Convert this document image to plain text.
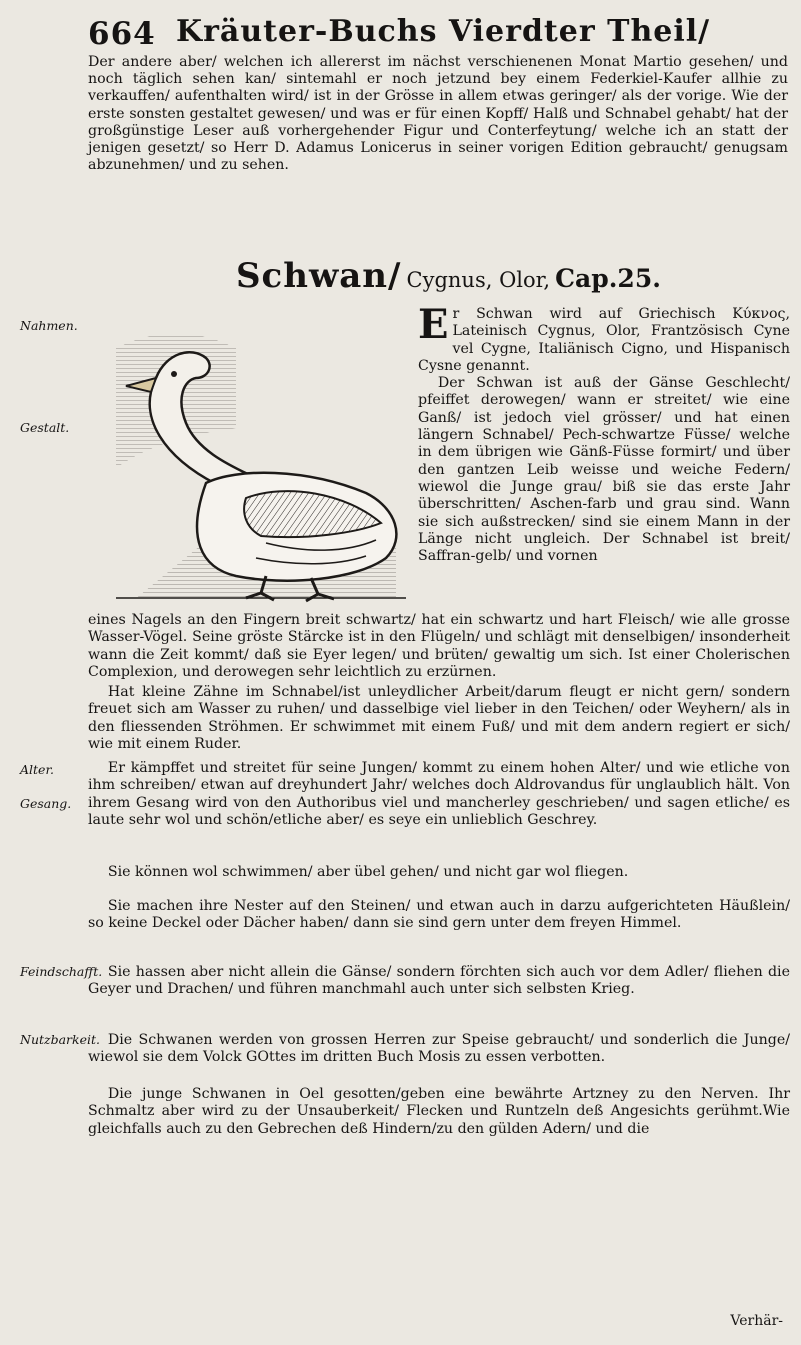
664 Kräuter-Buchs Vierdter Theil/

Der andere aber/ welchen ich allererst im nächst verschienenen Monat Martio gesehen/ und noch täglich sehen kan/ sintemahl er noch jetzund bey einem Federkiel-Kaufer allhie zu verkauffen/ aufenthalten wird/ ist in der Grösse in allem etwas geringer/ als der vorige. Wie der erste sonsten gestaltet gewesen/ und was er für einen Kopff/ Halß und Schnabel gehabt/ hat der großgünstige Leser auß vorhergehender Figur und Conterfeytung/ welche ich an statt der jenigen gesetzt/ so Herr D. Adamus Lonicerus in seiner vorigen Edition gebraucht/ genugsam abzunehmen/ und zu sehen.

Schwan/ Cygnus, Olor, Cap.25.
Nahmen.
Gestalt.
E r Schwan wird auf Griechisch Κύκνος, Lateinisch Cygnus, Olor, Frantzösisch Cyne vel Cygne, Italiänisch Cigno, und Hispanisch Cysne genannt.

Der Schwan ist auß der Gänse Geschlecht/ pfeiffet derowegen/ wann er streitet/ wie eine Ganß/ ist jedoch viel grösser/ und hat einen längern Schnabel/ Pech-schwartze Füsse/ welche in dem übrigen wie Gänß-Füsse formirt/ und über den gantzen Leib weisse und weiche Federn/ wiewol die Junge grau/ biß sie das erste Jahr überschritten/ Aschen-farb und grau sind. Wann sie sich außstrecken/ sind sie einem Mann in der Länge nicht ungleich. Der Schnabel ist breit/ Saffran-gelb/ und vornen

eines Nagels an den Fingern breit schwartz/ hat ein schwartz und hart Fleisch/ wie alle grosse Wasser-Vögel. Seine gröste Stärcke ist in den Flügeln/ und schlägt mit denselbigen/ insonderheit wann die Zeit kommt/ daß sie Eyer legen/ und brüten/ gewaltig um sich. Ist einer Cholerischen Complexion, und derowegen sehr leichtlich zu erzürnen.

Hat kleine Zähne im Schnabel/ist unleydlicher Arbeit/darum fleugt er nicht gern/ sondern freuet sich am Wasser zu ruhen/ und dasselbige viel lieber in den Teichen/ oder Weyhern/ als in den fliessenden Ströhmen. Er schwimmet mit einem Fuß/ und mit dem andern regiert er sich/ wie mit einem Ruder.

Alter.
Gesang.

Er kämpffet und streitet für seine Jungen/ kommt zu einem hohen Alter/ und wie etliche von ihm schreiben/ etwan auf dreyhundert Jahr/ welches doch Aldrovandus für unglaublich hält. Von ihrem Gesang wird von den Authoribus viel und mancherley geschrieben/ und sagen etliche/ es laute sehr wol und schön/etliche aber/ es seye ein unlieblich Geschrey.

Sie können wol schwimmen/ aber übel gehen/ und nicht gar wol fliegen.

Sie machen ihre Nester auf den Steinen/ und etwan auch in darzu aufgerichteten Häußlein/ so keine Deckel oder Dächer haben/ dann sie sind gern unter dem freyen Himmel.

Feindschafft. Sie hassen aber nicht allein die Gänse/ sondern förchten sich auch vor dem Adler/ fliehen die Geyer und Drachen/ und führen manchmahl auch unter sich selbsten Krieg.

Nutzbarkeit. Die Schwanen werden von grossen Herren zur Speise gebraucht/ und sonderlich die Junge/ wiewol sie dem Volck GOttes im dritten Buch Mosis zu essen verbotten.

Die junge Schwanen in Oel gesotten/geben eine bewährte Artzney zu den Nerven. Ihr Schmaltz aber wird zu der Unsauberkeit/ Flecken und Runtzeln deß Angesichts gerühmt.Wie gleichfalls auch zu den Gebrechen deß Hindern/zu den gülden Adern/ und die

Verhär-
